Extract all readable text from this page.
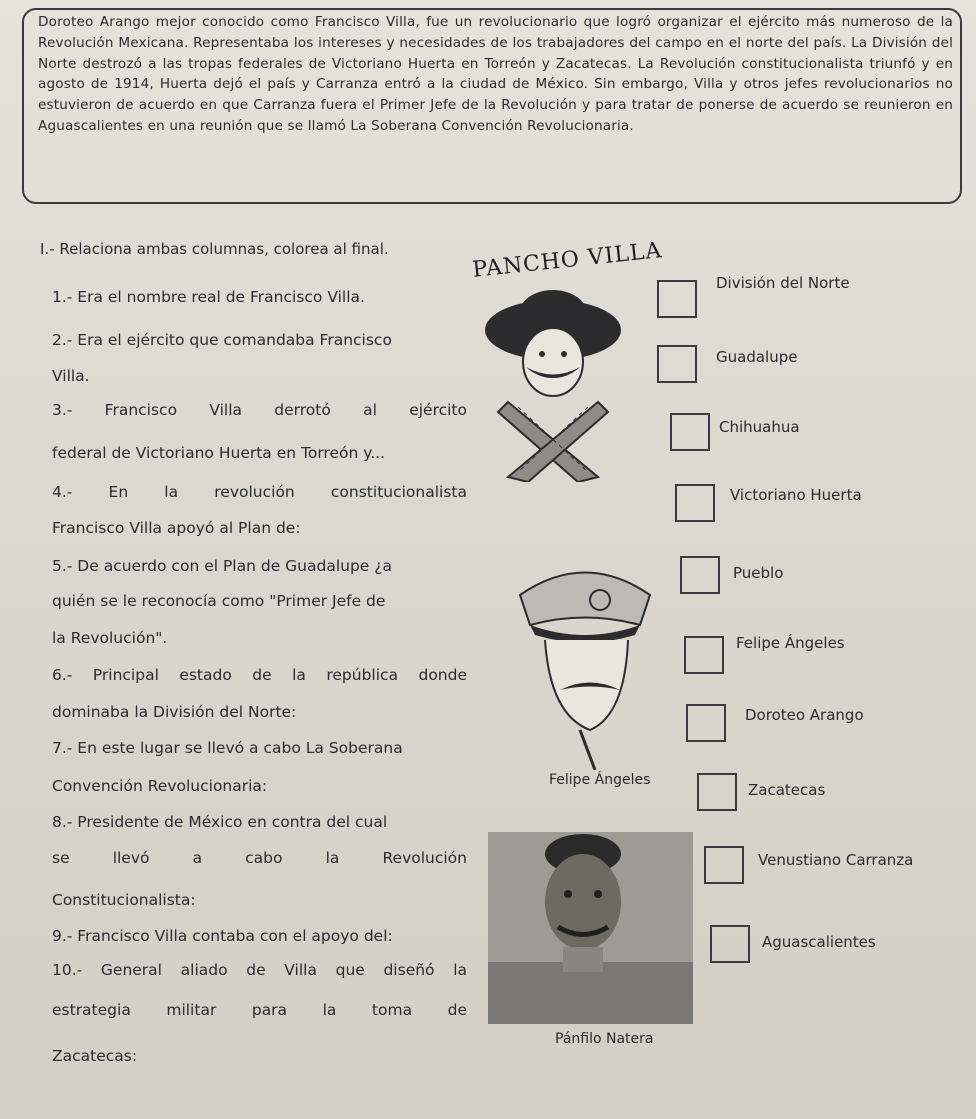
Doroteo Arango mejor conocido como Francisco Villa, fue un revolucionario que logró organizar el ejército más numeroso de la Revolución Mexicana. Representaba los intereses y necesidades de los trabajadores del campo en el norte del país. La División del Norte destrozó a las tropas federales de Victoriano Huerta en Torreón y Zacatecas. La Revolución constitucionalista triunfó y en agosto de 1914, Huerta dejó el país y Carranza entró a la ciudad de México. Sin embargo, Villa y otros jefes revolucionarios no estuvieron de acuerdo en que Carranza fuera el Primer Jefe de la Revolución y para tratar de ponerse de acuerdo se reunieron en Aguascalientes en una reunión que se llamó La Soberana Convención Revolucionaria.
I.- Relaciona ambas columnas, colorea al final.
1.- Era el nombre real de Francisco Villa.
2.- Era el ejército que comandaba Francisco
Villa.
3.- Francisco Villa derrotó al ejército
federal de Victoriano Huerta en Torreón y...
4.- En la revolución constitucionalista
Francisco Villa apoyó al Plan de:
5.- De acuerdo con el Plan de Guadalupe ¿a
quién se le reconocía como "Primer Jefe de
la Revolución".
6.- Principal estado de la república donde
dominaba la División del Norte:
7.- En este lugar se llevó a cabo La Soberana
Convención Revolucionaria:
8.- Presidente de México en contra del cual
se llevó a cabo la Revolución
Constitucionalista:
9.- Francisco Villa contaba con el apoyo del:
10.- General aliado de Villa que diseñó la
estrategia militar para la toma de
Zacatecas:
PANCHO VILLA
Felipe Ángeles
Pánfilo Natera
División del Norte
Guadalupe
Chihuahua
Victoriano Huerta
Pueblo
Felipe Ángeles
Doroteo Arango
Zacatecas
Venustiano Carranza
Aguascalientes
